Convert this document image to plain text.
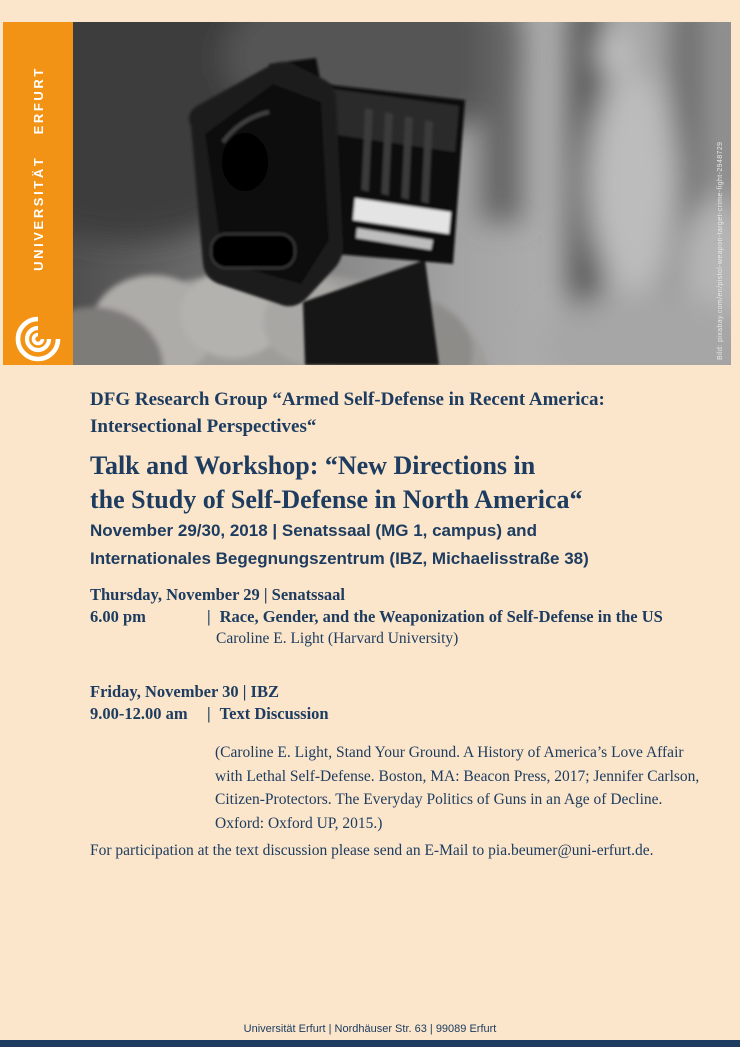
UNIVERSITÄT ERFURT	Bild: pixabay.com/en/pistol-weapon-target-crime-fight-2948729
DFG Research Group “Armed Self-Defense in Recent America:
Intersectional Perspectives“
Talk and Workshop: “New Directions in
the Study of Self-Defense in North America“
November 29/30, 2018 | Senatssaal (MG 1, campus) and
Internationales Begegnungszentrum (IBZ, Michaelisstraße 38)
Thursday, November 29 | Senatssaal
6.00 pm	| Race, Gender, and the Weaponization of Self-Defense in the US
Caroline E. Light (Harvard University)
Friday, November 30 | IBZ
9.00-12.00 am	| Text Discussion
(Caroline E. Light, Stand Your Ground. A History of America’s Love Affair
with Lethal Self-Defense. Boston, MA: Beacon Press, 2017; Jennifer Carlson,
Citizen-Protectors. The Everyday Politics of Guns in an Age of Decline.
Oxford: Oxford UP, 2015.)
For participation at the text discussion please send an E-Mail to pia.beumer@uni-erfurt.de.
Universität Erfurt | Nordhäuser Str. 63 | 99089 Erfurt
